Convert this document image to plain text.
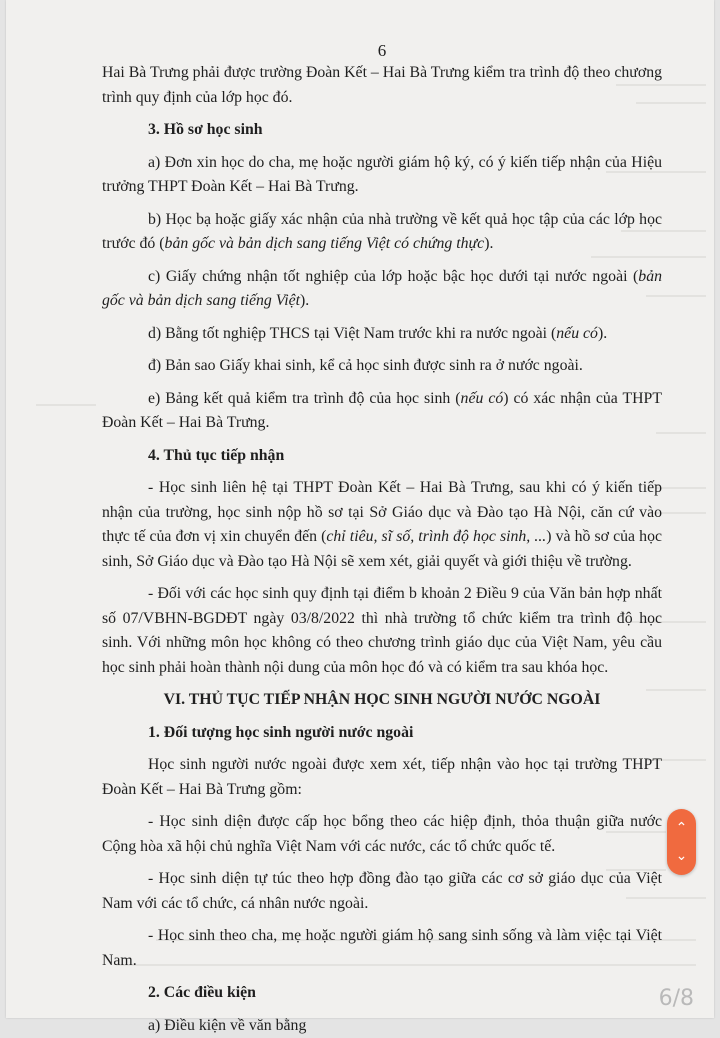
6

Hai Bà Trưng phải được trường Đoàn Kết – Hai Bà Trưng kiểm tra trình độ theo chương trình quy định của lớp học đó.

3. Hồ sơ học sinh

a) Đơn xin học do cha, mẹ hoặc người giám hộ ký, có ý kiến tiếp nhận của Hiệu trưởng THPT Đoàn Kết – Hai Bà Trưng.

b) Học bạ hoặc giấy xác nhận của nhà trường về kết quả học tập của các lớp học trước đó (bản gốc và bản dịch sang tiếng Việt có chứng thực).

c) Giấy chứng nhận tốt nghiệp của lớp hoặc bậc học dưới tại nước ngoài (bản gốc và bản dịch sang tiếng Việt).

d) Bằng tốt nghiệp THCS tại Việt Nam trước khi ra nước ngoài (nếu có).

đ) Bản sao Giấy khai sinh, kể cả học sinh được sinh ra ở nước ngoài.

e) Bảng kết quả kiểm tra trình độ của học sinh (nếu có) có xác nhận của THPT Đoàn Kết – Hai Bà Trưng.

4. Thủ tục tiếp nhận

- Học sinh liên hệ tại THPT Đoàn Kết – Hai Bà Trưng, sau khi có ý kiến tiếp nhận của trường, học sinh nộp hồ sơ tại Sở Giáo dục và Đào tạo Hà Nội, căn cứ vào thực tế của đơn vị xin chuyển đến (chỉ tiêu, sĩ số, trình độ học sinh, ...) và hồ sơ của học sinh, Sở Giáo dục và Đào tạo Hà Nội sẽ xem xét, giải quyết và giới thiệu về trường.

- Đối với các học sinh quy định tại điểm b khoản 2 Điều 9 của Văn bản hợp nhất số 07/VBHN-BGDĐT ngày 03/8/2022 thì nhà trường tổ chức kiểm tra trình độ học sinh. Với những môn học không có theo chương trình giáo dục của Việt Nam, yêu cầu học sinh phải hoàn thành nội dung của môn học đó và có kiểm tra sau khóa học.

VI. THỦ TỤC TIẾP NHẬN HỌC SINH NGƯỜI NƯỚC NGOÀI

1. Đối tượng học sinh người nước ngoài

Học sinh người nước ngoài được xem xét, tiếp nhận vào học tại trường THPT Đoàn Kết – Hai Bà Trưng gồm:

- Học sinh diện được cấp học bổng theo các hiệp định, thỏa thuận giữa nước Cộng hòa xã hội chủ nghĩa Việt Nam với các nước, các tổ chức quốc tế.

- Học sinh diện tự túc theo hợp đồng đào tạo giữa các cơ sở giáo dục của Việt Nam với các tổ chức, cá nhân nước ngoài.

- Học sinh theo cha, mẹ hoặc người giám hộ sang sinh sống và làm việc tại Việt Nam.

2. Các điều kiện

a) Điều kiện về văn bằng

⌃
⌄
6/8
